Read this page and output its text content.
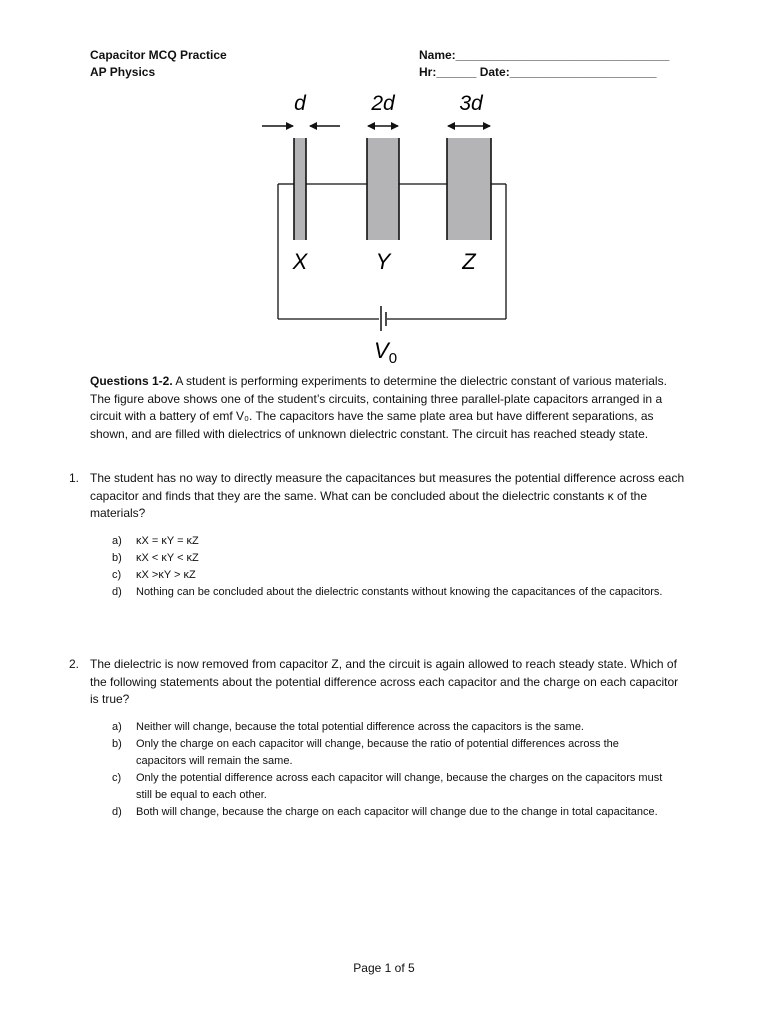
Capacitor MCQ Practice
AP Physics
Name:________________________________
Hr:______ Date:______________________
d	2d	3d
X	Y	Z
$V_0$
Questions 1-2. A student is performing experiments to determine the dielectric constant of various materials. The figure above shows one of the student’s circuits, containing three parallel-plate capacitors arranged in a circuit with a battery of emf V₀. The capacitors have the same plate area but have different separations, as shown, and are filled with dielectrics of unknown dielectric constant. The circuit has reached steady state.
1. The student has no way to directly measure the capacitances but measures the potential difference across each capacitor and finds that they are the same. What can be concluded about the dielectric constants κ of the materials?
a) κX = κY = κZ
b) κX < κY < κZ
c) κX >κY > κZ
d) Nothing can be concluded about the dielectric constants without knowing the capacitances of the capacitors.
2. The dielectric is now removed from capacitor Z, and the circuit is again allowed to reach steady state. Which of the following statements about the potential difference across each capacitor and the charge on each capacitor is true?
a) Neither will change, because the total potential difference across the capacitors is the same.
b) Only the charge on each capacitor will change, because the ratio of potential differences across the capacitors will remain the same.
c) Only the potential difference across each capacitor will change, because the charges on the capacitors must still be equal to each other.
d) Both will change, because the charge on each capacitor will change due to the change in total capacitance.
Page 1 of 5
